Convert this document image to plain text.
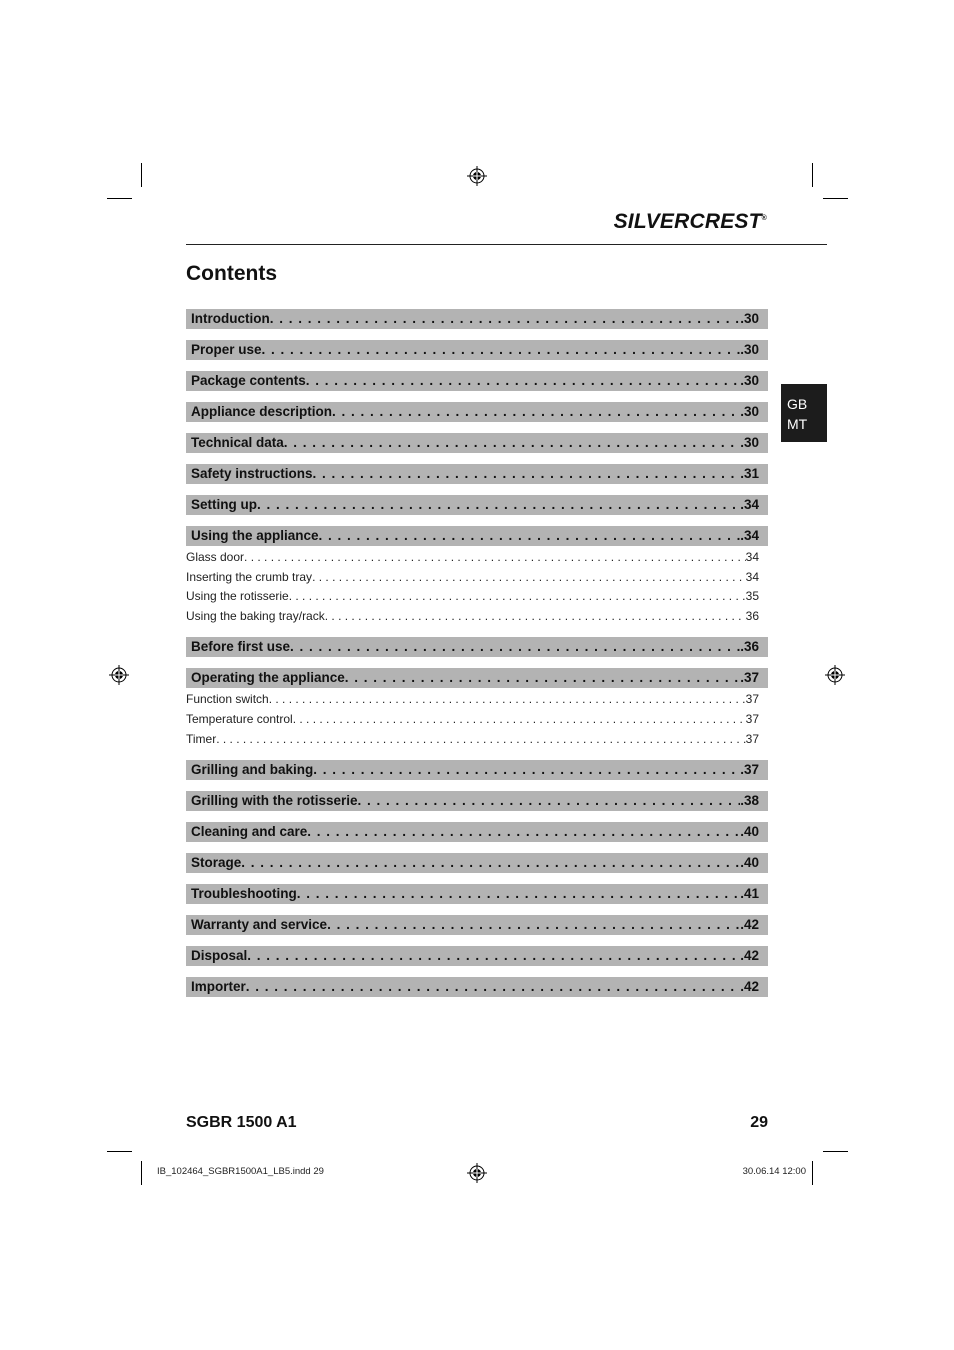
SILVERCREST®
Contents
Introduction . . .	. 30
Proper use . . .	. 30
Package contents . . .	. 30
Appliance description . . .	. 30
Technical data . . .	. 30
Safety instructions . . .	. 31
Setting up . . .	. 34
Using the appliance . . .	. 34
Glass door . . .	34
Inserting the crumb tray . . .	34
Using the rotisserie . . .	35
Using the baking tray/rack . . .	36
Before first use . . .	. 36
Operating the appliance . . .	. 37
Function switch . . .	37
Temperature control . . .	37
Timer . . .	37
Grilling and baking . . .	. 37
Grilling with the rotisserie . . .	. 38
Cleaning and care . . .	. 40
Storage . . .	. 40
Troubleshooting . . .	. 41
Warranty and service . . .	. 42
Disposal . . .	. 42
Importer . . .	. 42
GB
MT
SGBR 1500 A1	29
IB_102464_SGBR1500A1_LB5.indd 29	30.06.14 12:00
